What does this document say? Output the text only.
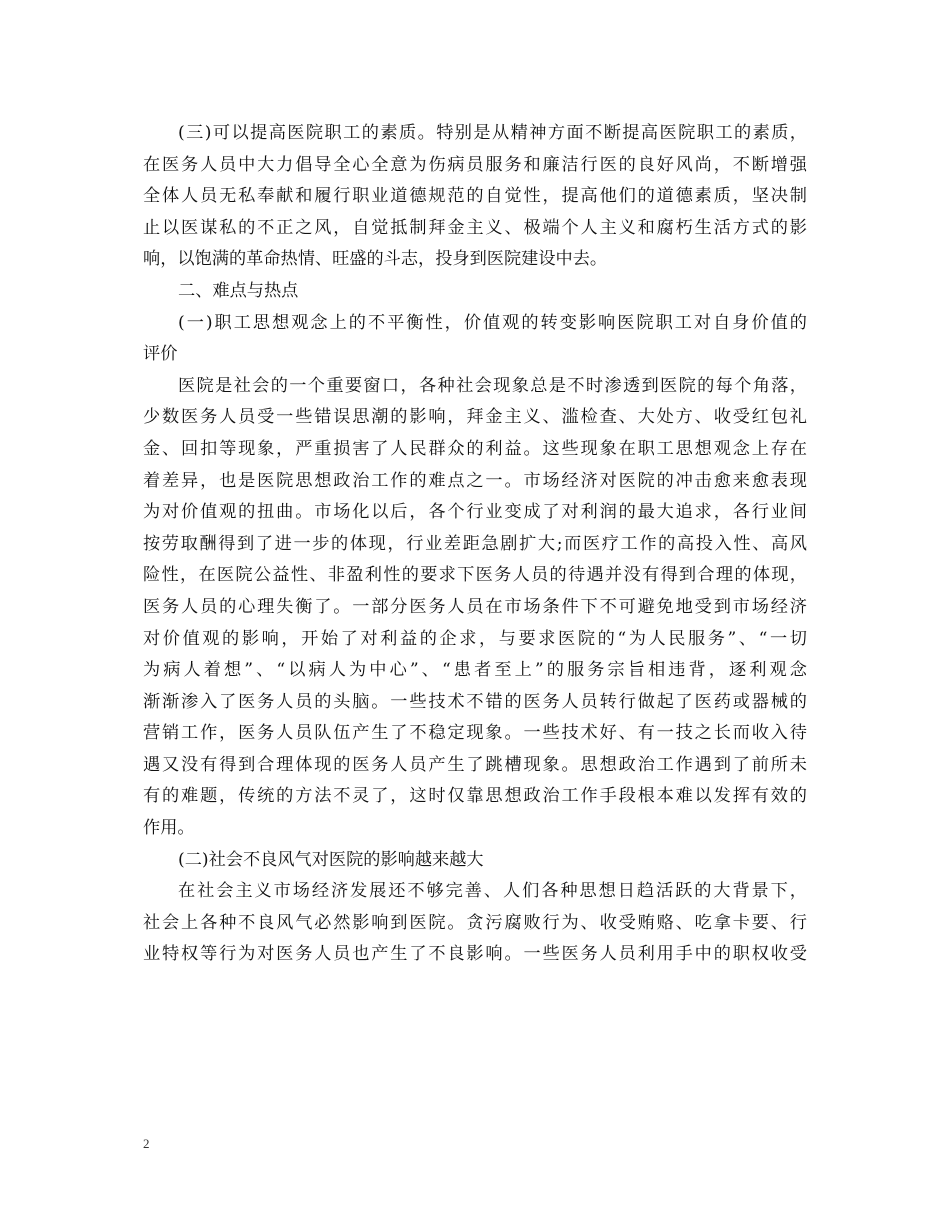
(三)可以提高医院职工的素质。特别是从精神方面不断提高医院职工的素质，
在医务人员中大力倡导全心全意为伤病员服务和廉洁行医的良好风尚，不断增强
全体人员无私奉献和履行职业道德规范的自觉性，提高他们的道德素质，坚决制
止以医谋私的不正之风，自觉抵制拜金主义、极端个人主义和腐朽生活方式的影
响，以饱满的革命热情、旺盛的斗志，投身到医院建设中去。
二、难点与热点
(一)职工思想观念上的不平衡性，价值观的转变影响医院职工对自身价值的
评价
医院是社会的一个重要窗口，各种社会现象总是不时渗透到医院的每个角落，
少数医务人员受一些错误思潮的影响，拜金主义、滥检查、大处方、收受红包礼
金、回扣等现象，严重损害了人民群众的利益。这些现象在职工思想观念上存在
着差异，也是医院思想政治工作的难点之一。市场经济对医院的冲击愈来愈表现
为对价值观的扭曲。市场化以后，各个行业变成了对利润的最大追求，各行业间
按劳取酬得到了进一步的体现，行业差距急剧扩大;而医疗工作的高投入性、高风
险性，在医院公益性、非盈利性的要求下医务人员的待遇并没有得到合理的体现，
医务人员的心理失衡了。一部分医务人员在市场条件下不可避免地受到市场经济
对价值观的影响，开始了对利益的企求，与要求医院的“为人民服务”、“一切
为病人着想”、“以病人为中心”、“患者至上”的服务宗旨相违背，逐利观念
渐渐渗入了医务人员的头脑。一些技术不错的医务人员转行做起了医药或器械的
营销工作，医务人员队伍产生了不稳定现象。一些技术好、有一技之长而收入待
遇又没有得到合理体现的医务人员产生了跳槽现象。思想政治工作遇到了前所未
有的难题，传统的方法不灵了，这时仅靠思想政治工作手段根本难以发挥有效的
作用。
(二)社会不良风气对医院的影响越来越大
在社会主义市场经济发展还不够完善、人们各种思想日趋活跃的大背景下，
社会上各种不良风气必然影响到医院。贪污腐败行为、收受贿赂、吃拿卡要、行
业特权等行为对医务人员也产生了不良影响。一些医务人员利用手中的职权收受
2
